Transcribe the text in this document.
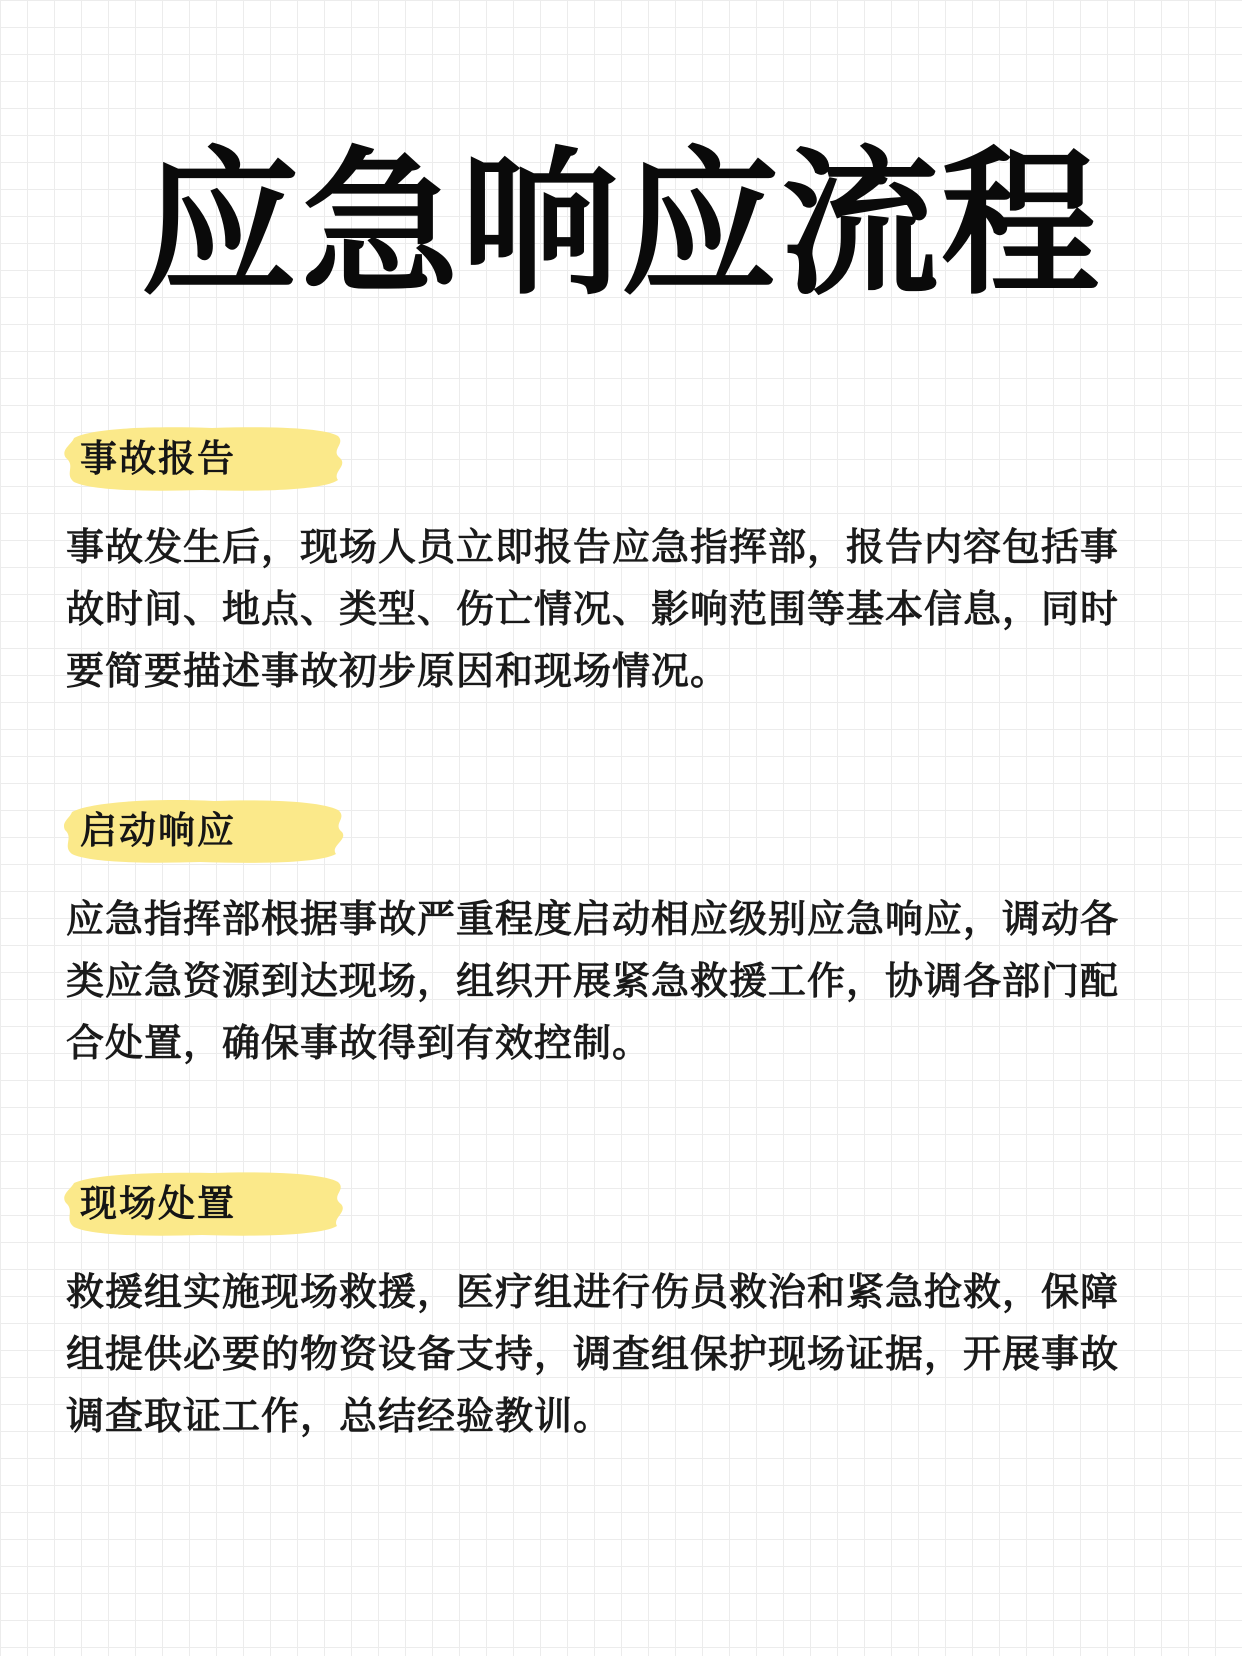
应急响应流程
事故报告
事故发生后，现场人员立即报告应急指挥部，报告内容包括事故时间、地点、类型、伤亡情况、影响范围等基本信息，同时要简要描述事故初步原因和现场情况。
启动响应
应急指挥部根据事故严重程度启动相应级别应急响应，调动各类应急资源到达现场，组织开展紧急救援工作，协调各部门配合处置，确保事故得到有效控制。
现场处置
救援组实施现场救援，医疗组进行伤员救治和紧急抢救，保障组提供必要的物资设备支持，调查组保护现场证据，开展事故调查取证工作，总结经验教训。
